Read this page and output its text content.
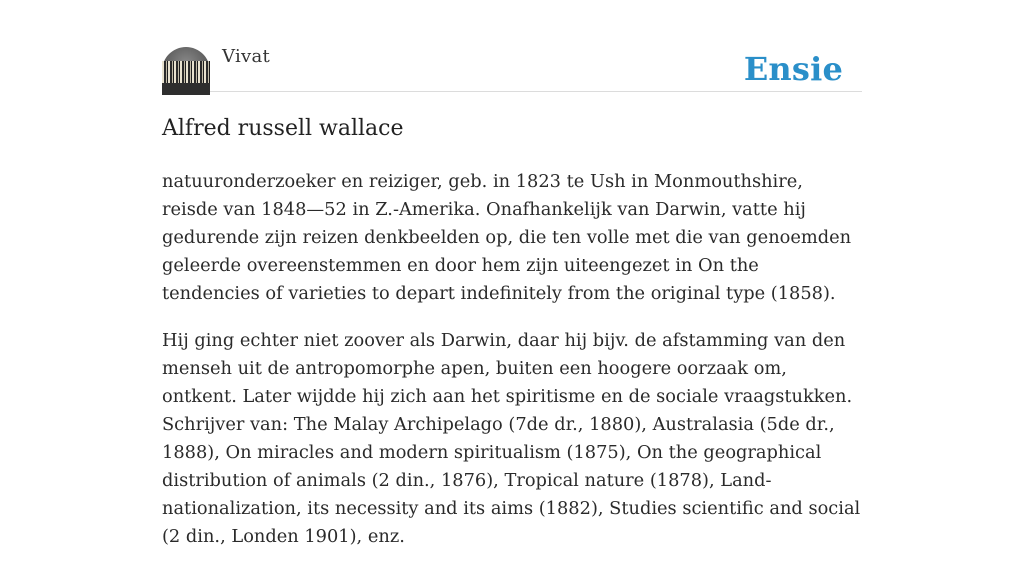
Vivat	Ensie
Alfred russell wallace

natuuronderzoeker en reiziger, geb. in 1823 te Ush in Monmouthshire, reisde van 1848—52 in Z.-Amerika. Onafhankelijk van Darwin, vatte hij gedurende zijn reizen denkbeelden op, die ten volle met die van genoemden geleerde overeenstemmen en door hem zijn uiteengezet in On the tendencies of varieties to depart indefinitely from the original type (1858).

Hij ging echter niet zoover als Darwin, daar hij bijv. de afstamming van den menseh uit de antropomorphe apen, buiten een hoogere oorzaak om, ontkent. Later wijdde hij zich aan het spiritisme en de sociale vraagstukken. Schrijver van: The Malay Archipelago (7de dr., 1880), Australasia (5de dr., 1888), On miracles and modern spiritualism (1875), On the geographical distribution of animals (2 din., 1876), Tropical nature (1878), Land-nationalization, its necessity and its aims (1882), Studies scientific and social (2 din., Londen 1901), enz.
